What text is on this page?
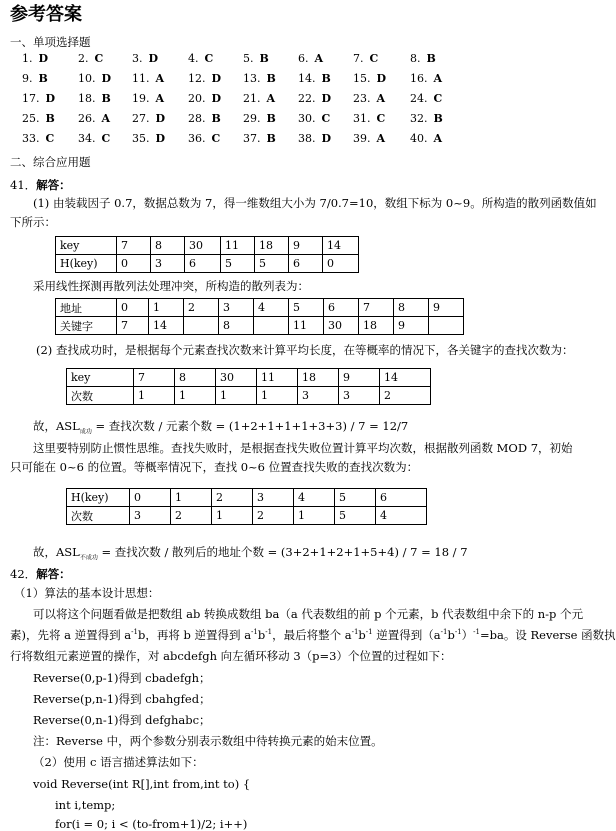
参考答案
一、单项选择题
1. D	2. C	3. D	4. C	5. B	6. A	7. C	8. B
9. B	10. D 11. A 12. D 13. B 14. B 15. D 16. A
17. D 18. B 19. A 20. D 21. A 22. D 23. A 24. C
25. B 26. A 27. D 28. B 29. B 30. C 31. C 32. B
33. C 34. C 35. D 36. C 37. B 38. D 39. A 40. A
二、综合应用题
41．解答：
(1) 由装载因子 0.7，数据总数为 7，得一维数组大小为 7/0.7=10，数组下标为 0~9。所构造的散列函数值如
下所示：
key	7	8	30	11	18	9	14
H(key)	0	3	6	5	5	6	0
采用线性探测再散列法处理冲突，所构造的散列表为：
地址	0	1	2	3	4	5	6	7	8	9
关键字	7	14		8		11	30	18	9	
(2) 查找成功时，是根据每个元素查找次数来计算平均长度，在等概率的情况下，各关键字的查找次数为：
key	7	8	30	11	18	9	14
次数	1	1	1	1	3	3	2
故，$ASL_{成功}$ = 查找次数 / 元素个数 = (1+2+1+1+1+3+3) / 7 = 12/7
这里要特别防止惯性思维。查找失败时，是根据查找失败位置计算平均次数，根据散列函数 MOD 7，初始
只可能在 0~6 的位置。等概率情况下，查找 0~6 位置查找失败的查找次数为：
H(key)	0	1	2	3	4	5	6
次数	3	2	1	2	1	5	4
故，$ASL_{不成功}$ = 查找次数 / 散列后的地址个数 = (3+2+1+2+1+5+4) / 7 = 18 / 7
42．解答：
（1）算法的基本设计思想：
可以将这个问题看做是把数组 ab 转换成数组 ba（a 代表数组的前 p 个元素，b 代表数组中余下的 n-p 个元
素)，先将 a 逆置得到 $a^{-1}b$，再将 b 逆置得到 $a^{-1}b^{-1}$，最后将整个 $a^{-1}b^{-1}$ 逆置得到$(a^{-1}b^{-1})^{-1}=ba$。设 Reverse 函数执
行将数组元素逆置的操作，对 abcdefgh 向左循环移动 3（p=3）个位置的过程如下：
Reverse(0,p-1)得到 cbadefgh；
Reverse(p,n-1)得到 cbahgfed；
Reverse(0,n-1)得到 defghabc；
注：Reverse 中，两个参数分别表示数组中待转换元素的始末位置。
（2）使用 c 语言描述算法如下：
void Reverse(int R[],int from,int to) {
int i,temp;
for(i = 0; i < (to-from+1)/2; i++)
